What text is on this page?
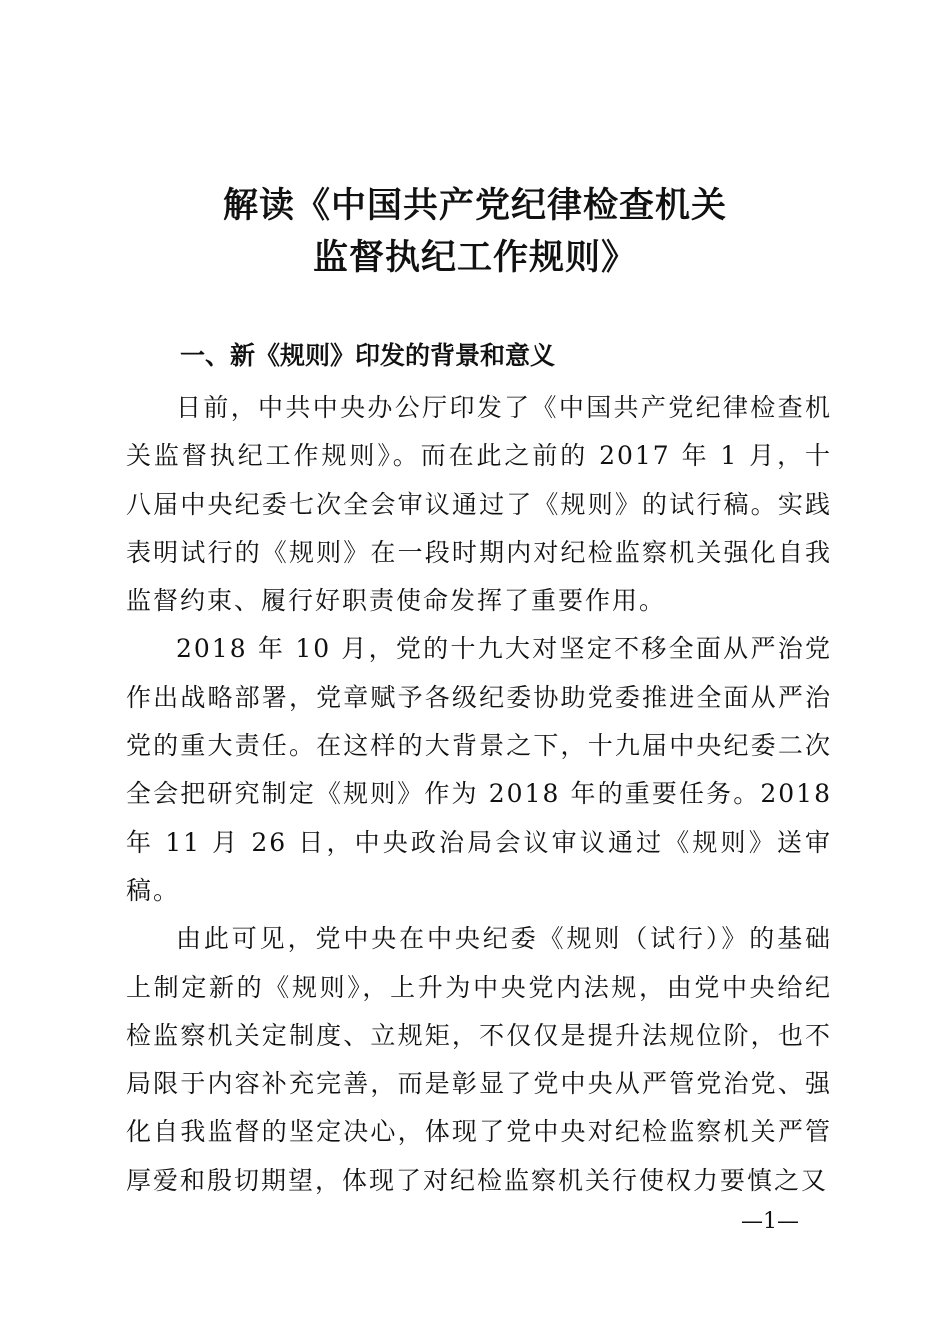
解读《中国共产党纪律检查机关
监督执纪工作规则》
一、新《规则》印发的背景和意义

日前，中共中央办公厅印发了《中国共产党纪律检查机关监督执纪工作规则》。而在此之前的 2017 年 1 月，十八届中央纪委七次全会审议通过了《规则》的试行稿。实践表明试行的《规则》在一段时期内对纪检监察机关强化自我监督约束、履行好职责使命发挥了重要作用。

2018 年 10 月，党的十九大对坚定不移全面从严治党作出战略部署，党章赋予各级纪委协助党委推进全面从严治党的重大责任。在这样的大背景之下，十九届中央纪委二次全会把研究制定《规则》作为 2018 年的重要任务。2018 年 11 月 26 日，中央政治局会议审议通过《规则》送审稿。

由此可见，党中央在中央纪委《规则（试行）》的基础上制定新的《规则》，上升为中央党内法规，由党中央给纪检监察机关定制度、立规矩，不仅仅是提升法规位阶，也不局限于内容补充完善，而是彰显了党中央从严管党治党、强化自我监督的坚定决心，体现了党中央对纪检监察机关严管厚爱和殷切期望，体现了对纪检监察机关行使权力要慎之又

—1—
